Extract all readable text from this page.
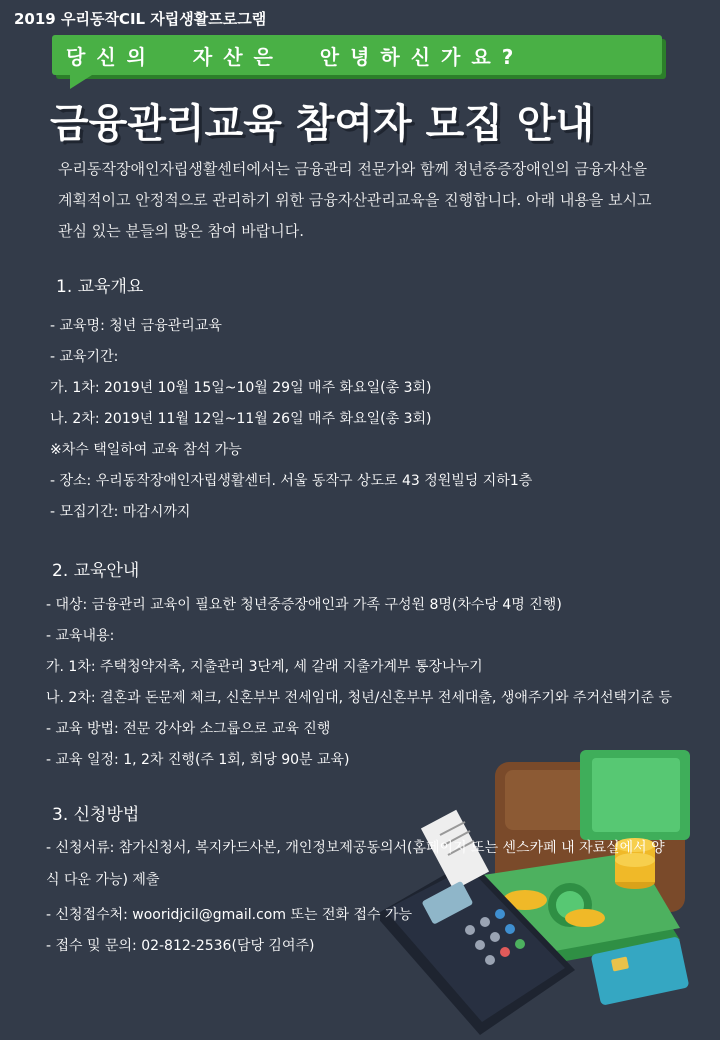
2019 우리동작CIL 자립생활프로그램
당신의  자산은  안녕하신가요?
금융관리교육 참여자 모집 안내

우리동작장애인자립생활센터에서는 금융관리 전문가와 함께 청년중증장애인의 금융자산을

계획적이고 안정적으로 관리하기 위한 금융자산관리교육을 진행합니다. 아래 내용을 보시고

관심 있는 분들의 많은 참여 바랍니다.

1. 교육개요
- 교육명: 청년 금융관리교육
- 교육기간:
가. 1차: 2019년 10월 15일~10월 29일 매주 화요일(총 3회)
나. 2차: 2019년 11월 12일~11월 26일 매주 화요일(총 3회)
※차수 택일하여 교육 참석 가능
- 장소: 우리동작장애인자립생활센터. 서울 동작구 상도로 43 정원빌딩 지하1층
- 모집기간: 마감시까지
2. 교육안내
- 대상: 금융관리 교육이 필요한 청년중증장애인과 가족 구성원 8명(차수당 4명 진행)
- 교육내용:
가. 1차: 주택청약저축, 지출관리 3단계, 세 갈래 지출가계부 통장나누기
나. 2차: 결혼과 돈문제 체크, 신혼부부 전세임대, 청년/신혼부부 전세대출, 생애주기와 주거선택기준 등
- 교육 방법: 전문 강사와 소그룹으로 교육 진행
- 교육 일정: 1, 2차 진행(주 1회, 회당 90분 교육)
3. 신청방법
- 신청서류: 참가신청서, 복지카드사본, 개인정보제공동의서(홈페이지 또는 센스카페 내 자료실에서 양식 다운 가능) 제출
- 신청접수처: wooridjcil@gmail.com 또는 전화 접수 가능
- 접수 및 문의: 02-812-2536(담당 김여주)
